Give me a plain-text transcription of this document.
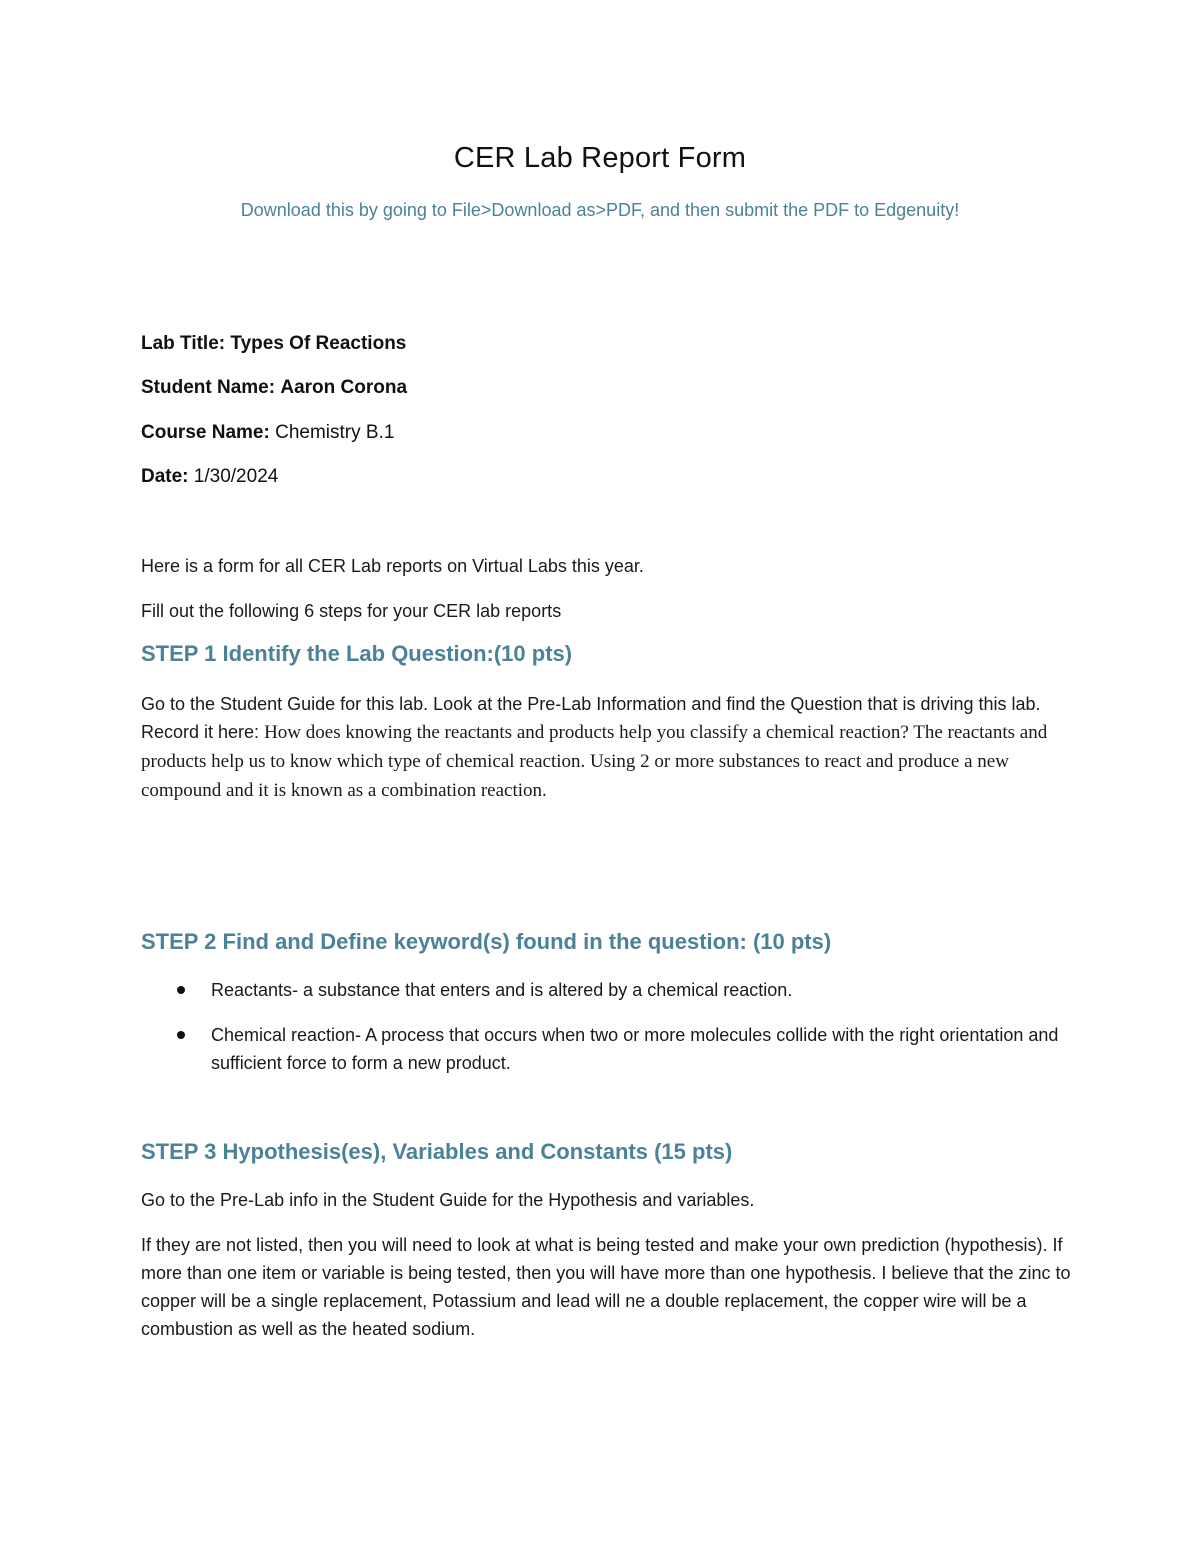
CER Lab Report Form

Download this by going to File>Download as>PDF, and then submit the PDF to Edgenuity!

Lab Title: Types Of Reactions

Student Name: Aaron Corona

Course Name: Chemistry B.1

Date: 1/30/2024

Here is a form for all CER Lab reports on Virtual Labs this year.

Fill out the following 6 steps for your CER lab reports

STEP 1 Identify the Lab Question:(10 pts)

Go to the Student Guide for this lab. Look at the Pre-Lab Information and find the Question that is driving this lab. Record it here: How does knowing the reactants and products help you classify a chemical reaction? The reactants and products help us to know which type of chemical reaction. Using 2 or more substances to react and produce a new compound and it is known as a combination reaction.

STEP 2 Find and Define keyword(s) found in the question: (10 pts)
Reactants- a substance that enters and is altered by a chemical reaction.
Chemical reaction- A process that occurs when two or more molecules collide with the right orientation and sufficient force to form a new product.
STEP 3 Hypothesis(es), Variables and Constants (15 pts)

Go to the Pre-Lab info in the Student Guide for the Hypothesis and variables.

If they are not listed, then you will need to look at what is being tested and make your own prediction (hypothesis). If more than one item or variable is being tested, then you will have more than one hypothesis. I believe that the zinc to copper will be a single replacement, Potassium and lead will ne a double replacement, the copper wire will be a combustion as well as the heated sodium.
